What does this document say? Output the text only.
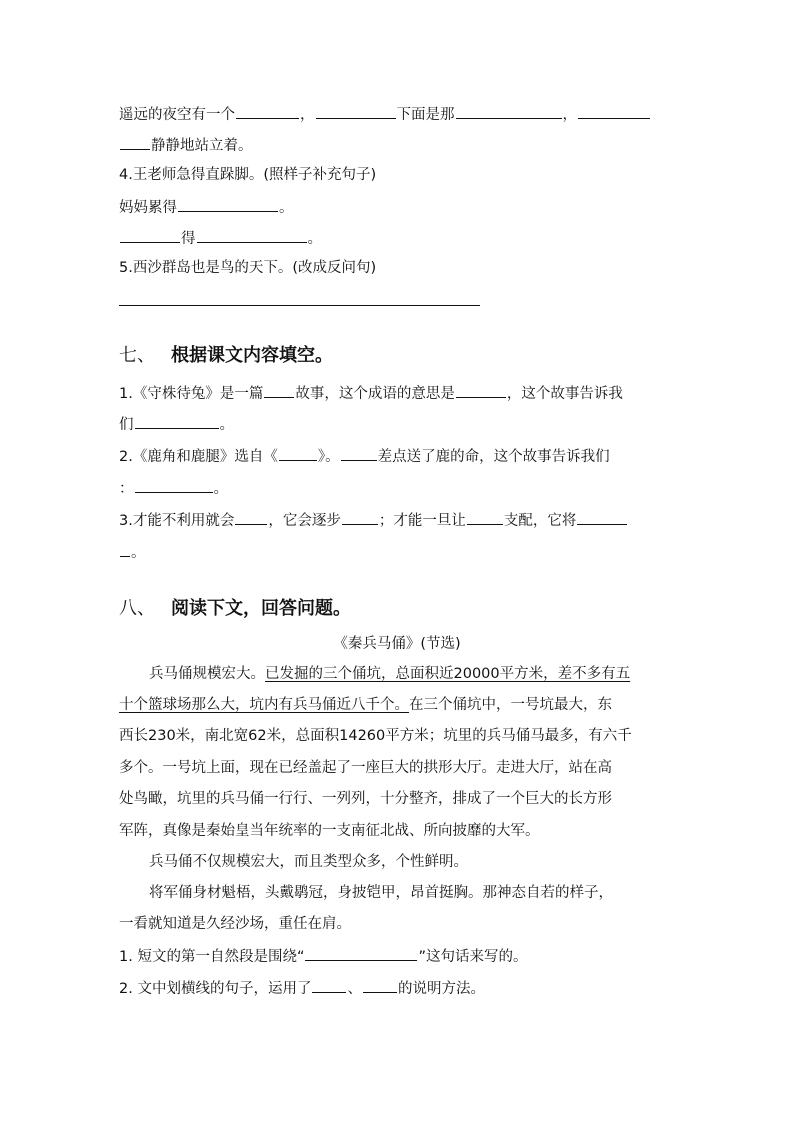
遥远的夜空有一个	，	下面是那	，
静静地站立着。
4.王老师急得直跺脚。(照样子补充句子)
妈妈累得	。
得	。
5.西沙群岛也是鸟的天下。(改成反问句)
七、 根据课文内容填空。
1.《守株待兔》是一篇 故事，这个成语的意思是	，这个故事告诉我
们	。
2.《鹿角和鹿腿》选自《	》。	差点送了鹿的命，这个故事告诉我们
：	。
3.才能不利用就会 ，它会逐步	；才能一旦让	支配，它将
。
八、 阅读下文，回答问题。
《秦兵马俑》(节选)
兵马俑规模宏大。已发掘的三个俑坑，总面积近20000平方米，差不多有五
十个篮球场那么大，坑内有兵马俑近八千个。在三个俑坑中，一号坑最大，东
西长230米，南北宽62米，总面积14260平方米；坑里的兵马俑马最多，有六千
多个。一号坑上面，现在已经盖起了一座巨大的拱形大厅。走进大厅，站在高
处鸟瞰，坑里的兵马俑一行行、一列列，十分整齐，排成了一个巨大的长方形
军阵，真像是秦始皇当年统率的一支南征北战、所向披靡的大军。
兵马俑不仅规模宏大，而且类型众多，个性鲜明。
将军俑身材魁梧，头戴鹖冠，身披铠甲，昂首挺胸。那神态自若的样子，
一看就知道是久经沙场，重任在肩。
1. 短文的第一自然段是围绕“	”这句话来写的。
2. 文中划横线的句子，运用了 、 的说明方法。
